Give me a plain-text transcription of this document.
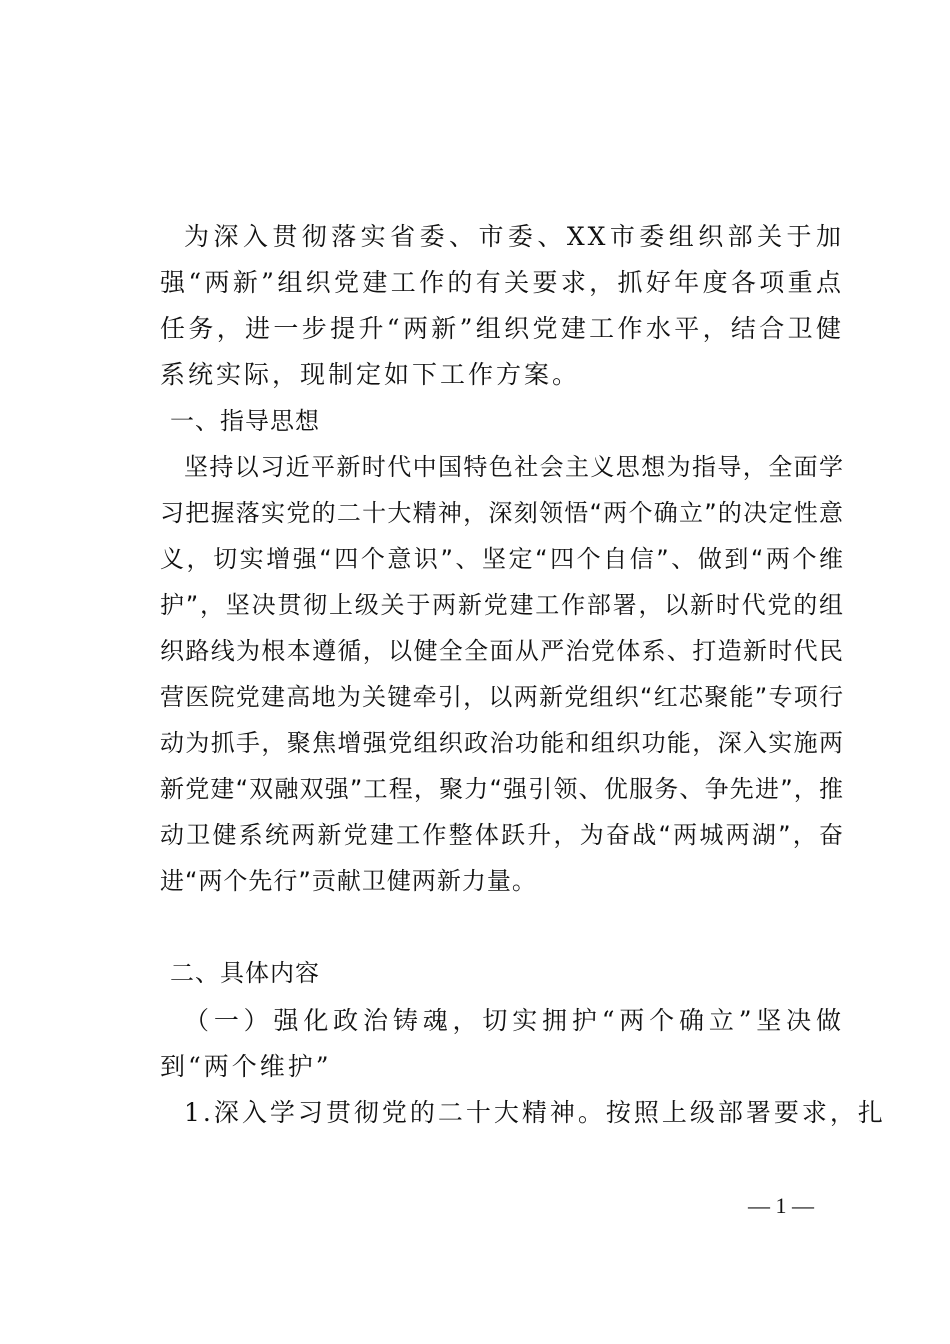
为深入贯彻落实省委、市委、XX市委组织部关于加强“两新”组织党建工作的有关要求，抓好年度各项重点任务，进一步提升“两新”组织党建工作水平，结合卫健系统实际，现制定如下工作方案。

一、指导思想

坚持以习近平新时代中国特色社会主义思想为指导，全面学习把握落实党的二十大精神，深刻领悟“两个确立”的决定性意义，切实增强“四个意识”、坚定“四个自信”、做到“两个维护”，坚决贯彻上级关于两新党建工作部署，以新时代党的组织路线为根本遵循，以健全全面从严治党体系、打造新时代民营医院党建高地为关键牵引，以两新党组织“红芯聚能”专项行动为抓手，聚焦增强党组织政治功能和组织功能，深入实施两新党建“双融双强”工程，聚力“强引领、优服务、争先进”，推动卫健系统两新党建工作整体跃升，为奋战“两城两湖”，奋进“两个先行”贡献卫健两新力量。

二、具体内容

（一）强化政治铸魂，切实拥护“两个确立”坚决做到“两个维护”

1.深入学习贯彻党的二十大精神。按照上级部署要求，扎

— 1 —
